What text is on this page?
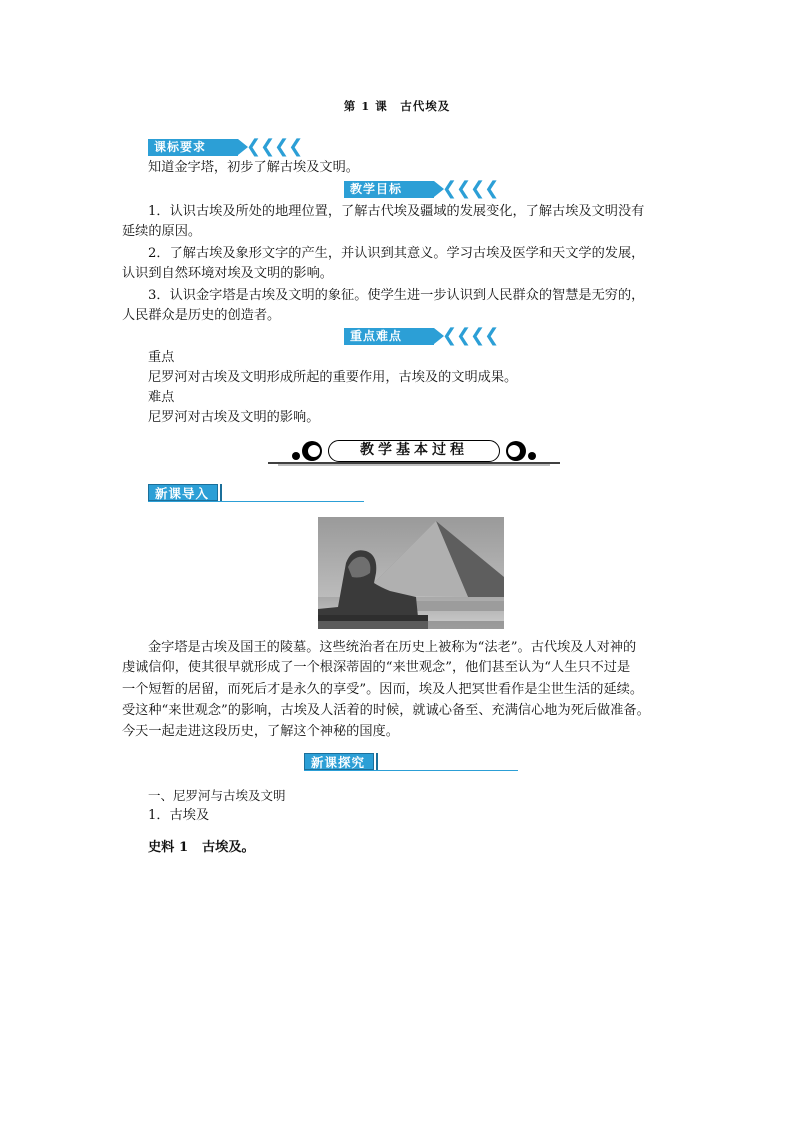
第 1 课　古代埃及
课标要求	❮❮❮❮
知道金字塔，初步了解古埃及文明。
教学目标	❮❮❮❮
1．认识古埃及所处的地理位置，了解古代埃及疆域的发展变化，了解古埃及文明没有
延续的原因。
2．了解古埃及象形文字的产生，并认识到其意义。学习古埃及医学和天文学的发展，
认识到自然环境对埃及文明的影响。
3．认识金字塔是古埃及文明的象征。使学生进一步认识到人民群众的智慧是无穷的，
人民群众是历史的创造者。
重点难点	❮❮❮❮
重点
尼罗河对古埃及文明形成所起的重要作用，古埃及的文明成果。
难点
尼罗河对古埃及文明的影响。
教学基本过程
新课导入
金字塔是古埃及国王的陵墓。这些统治者在历史上被称为“法老”。古代埃及人对神的
虔诚信仰，使其很早就形成了一个根深蒂固的“来世观念”，他们甚至认为“人生只不过是
一个短暂的居留，而死后才是永久的享受”。因而，埃及人把冥世看作是尘世生活的延续。
受这种“来世观念”的影响，古埃及人活着的时候，就诚心备至、充满信心地为死后做准备。
今天一起走进这段历史，了解这个神秘的国度。
新课探究
一、尼罗河与古埃及文明
1．古埃及
史料 1 古埃及。
